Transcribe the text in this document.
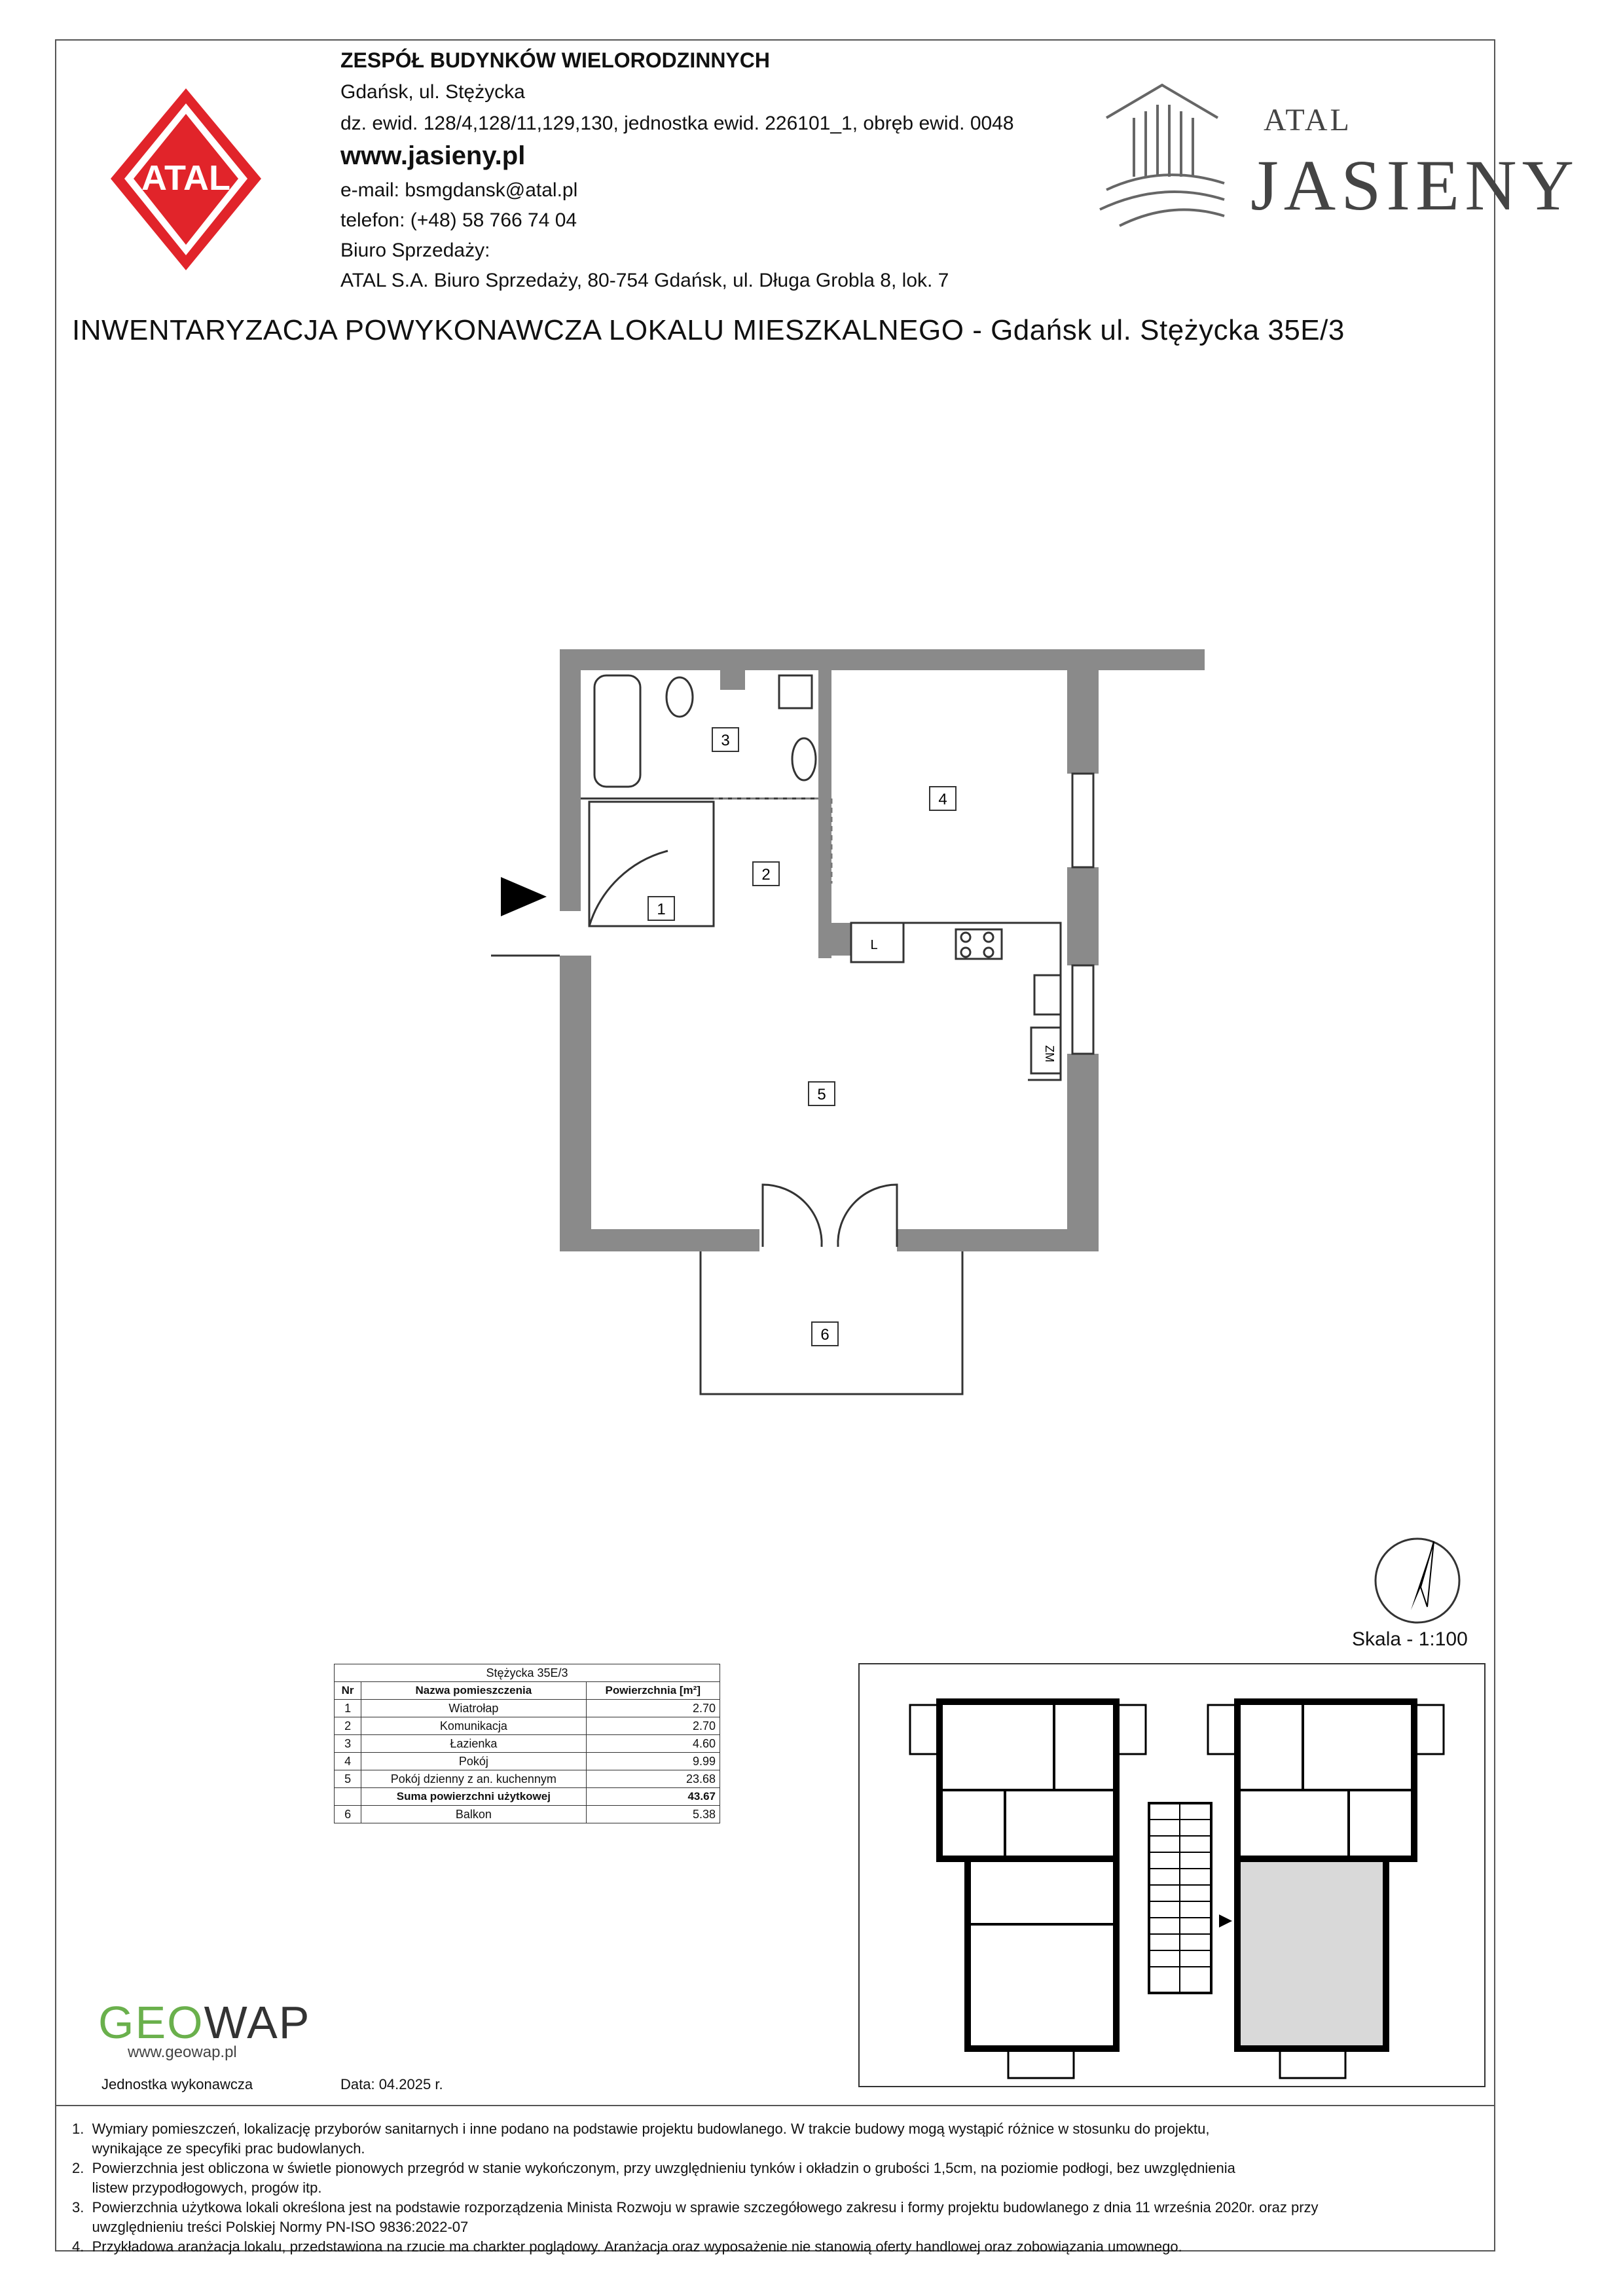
ATAL
ZESPÓŁ BUDYNKÓW WIELORODZINNYCH
Gdańsk, ul. Stężycka
dz. ewid. 128/4,128/11,129,130, jednostka ewid. 226101_1, obręb ewid. 0048
www.jasieny.pl
e-mail: bsmgdansk@atal.pl
telefon: (+48) 58 766 74 04
Biuro Sprzedaży:
ATAL S.A. Biuro Sprzedaży, 80-754 Gdańsk, ul. Długa Grobla 8, lok. 7
ATAL
JASIENY
INWENTARYZACJA POWYKONAWCZA LOKALU MIESZKALNEGO - Gdańsk ul. Stężycka 35E/3
1
2
3
4
5
6
L
ZM
Skala - 1:100
Stężycka 35E/3		
Nr	Nazwa pomieszczenia	Powierzchnia [m²]
1	Wiatrołap	2.70
2	Komunikacja	2.70
3	Łazienka	4.60
4	Pokój	9.99
5	Pokój dzienny z an. kuchennym	23.68
	Suma powierzchni użytkowej	43.67
6	Balkon	5.38
GEOWAP
www.geowap.pl
Jednostka wykonawcza	Data: 04.2025 r.
1.  Wymiary pomieszczeń, lokalizację przyborów sanitarnych i inne podano na podstawie projektu budowlanego. W trakcie budowy mogą wystąpić różnice w stosunku do projektu,
wynikające ze specyfiki prac budowlanych.
2.  Powierzchnia jest obliczona w świetle pionowych przegród w stanie wykończonym, przy uwzględnieniu tynków i okładzin o grubości 1,5cm, na poziomie podłogi, bez uwzględnienia
listew przypodłogowych, progów itp.
3.  Powierzchnia użytkowa lokali określona jest na podstawie rozporządzenia Minista Rozwoju w sprawie szczegółowego zakresu i formy projektu budowlanego z dnia 11 września 2020r. oraz przy
uwzględnieniu treści Polskiej Normy PN-ISO 9836:2022-07
4.  Przykładowa aranżacja lokalu, przedstawiona na rzucie ma charkter poglądowy. Aranżacja oraz wyposażenie nie stanowią oferty handlowej oraz zobowiązania umownego.
